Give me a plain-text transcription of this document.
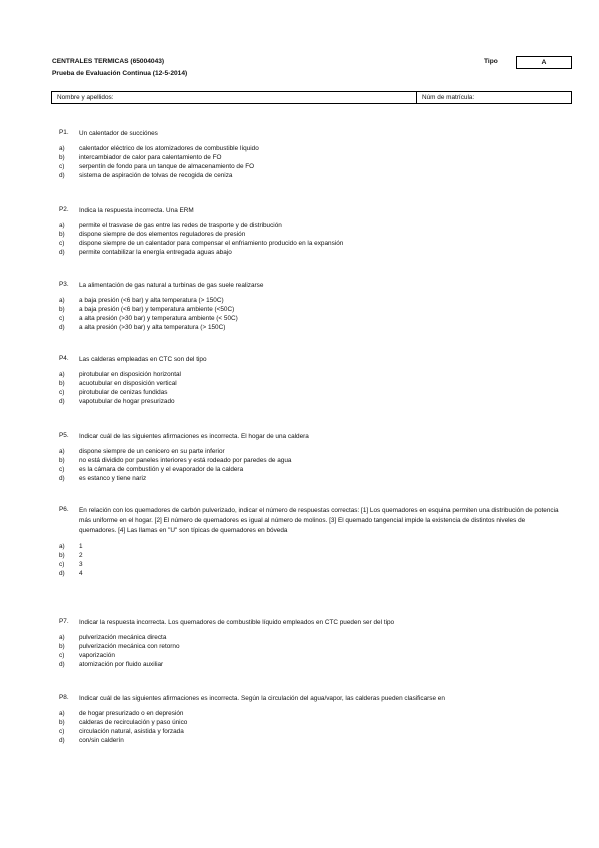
CENTRALES TERMICAS (65004043)
Prueba de Evaluación Continua (12-5-2014)
Tipo	A
Nombre y apellidos:	Núm de matrícula:
P1.	Un calentador de succiónes
a)	calentador eléctrico de los atomizadores de combustible líquido
b)	intercambiador de calor para calentamiento de FO
c)	serpentín de fondo para un tanque de almacenamiento de FO
d)	sistema de aspiración de tolvas de recogida de ceniza
P2.	Indica la respuesta incorrecta. Una ERM
a)	permite el trasvase de gas entre las redes de trasporte y de distribución
b)	dispone siempre de dos elementos reguladores de presión
c)	dispone siempre de un calentador para compensar el enfriamiento producido en la expansión
d)	permite contabilizar la energía entregada aguas abajo
P3.	La alimentación de gas natural a turbinas de gas suele realizarse
a)	a baja presión (<6 bar) y alta temperatura (> 150C)
b)	a baja presión (<6 bar) y temperatura ambiente (<50C)
c)	a alta presión (>30 bar) y temperatura ambiente (< 50C)
d)	a alta presión (>30 bar) y alta temperatura (> 150C)
P4.	Las calderas empleadas en CTC son del tipo
a)	pirotubular en disposición horizontal
b)	acuotubular en disposición vertical
c)	pirotubular de cenizas fundidas
d)	vapotubular de hogar presurizado
P5.	Indicar cuál de las siguientes afirmaciones es incorrecta. El hogar de una caldera
a)	dispone siempre de un cenicero en su parte inferior
b)	no está dividido por paneles interiores y está rodeado por paredes de agua
c)	es la cámara de combustión y el evaporador de la caldera
d)	es estanco y tiene nariz
P6.	En relación con los quemadores de carbón pulverizado, indicar el número de respuestas correctas: [1] Los quemadores en esquina permiten una distribución de potencia más uniforme en el hogar. [2] El número de quemadores es igual al número de molinos. [3] El quemado tangencial impide la existencia de distintos niveles de quemadores. [4] Las llamas en "U" son típicas de quemadores en bóveda
a)	1
b)	2
c)	3
d)	4
P7.	Indicar la respuesta incorrecta. Los quemadores de combustible líquido empleados en CTC pueden ser del tipo
a)	pulverización mecánica directa
b)	pulverización mecánica con retorno
c)	vaporización
d)	atomización por fluido auxiliar
P8.	Indicar cuál de las siguientes afirmaciones es incorrecta. Según la circulación del agua/vapor, las calderas pueden clasificarse en
a)	de hogar presurizado o en depresión
b)	calderas de recirculación y paso único
c)	circulación natural, asistida y forzada
d)	con/sin calderín
